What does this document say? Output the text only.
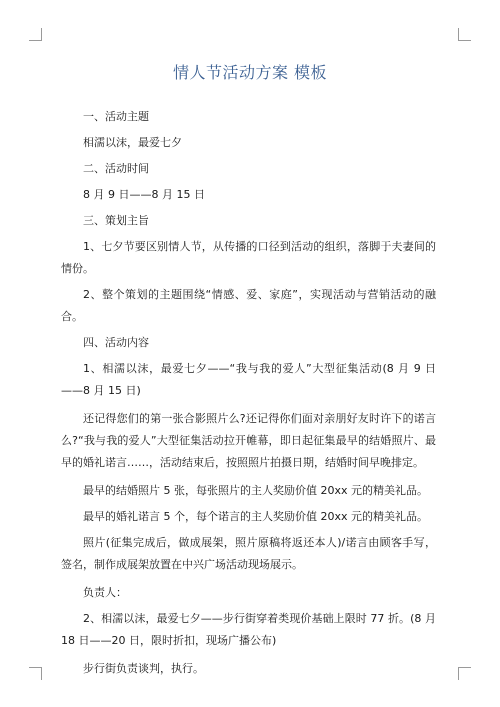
情人节活动方案 模板

一、活动主题

相濡以沫，最爱七夕

二、活动时间

8 月 9 日——8 月 15 日

三、策划主旨

1、七夕节要区别情人节，从传播的口径到活动的组织，落脚于夫妻间的情份。

2、整个策划的主题围绕“情感、爱、家庭”，实现活动与营销活动的融合。

四、活动内容

1、相濡以沫，最爱七夕——“我与我的爱人”大型征集活动(8 月 9 日——8 月 15 日)

还记得您们的第一张合影照片么?还记得你们面对亲朋好友时许下的诺言么?“我与我的爱人”大型征集活动拉开帷幕，即日起征集最早的结婚照片、最早的婚礼诺言……，活动结束后，按照照片拍摄日期，结婚时间早晚排定。

最早的结婚照片 5 张，每张照片的主人奖励价值 20xx 元的精美礼品。

最早的婚礼诺言 5 个，每个诺言的主人奖励价值 20xx 元的精美礼品。

照片(征集完成后，做成展架，照片原稿将返还本人)/诺言由顾客手写，签名，制作成展架放置在中兴广场活动现场展示。

负责人：

2、相濡以沫，最爱七夕——步行街穿着类现价基础上限时 77 折。(8 月 18 日——20 日，限时折扣，现场广播公布)

步行街负责谈判，执行。
